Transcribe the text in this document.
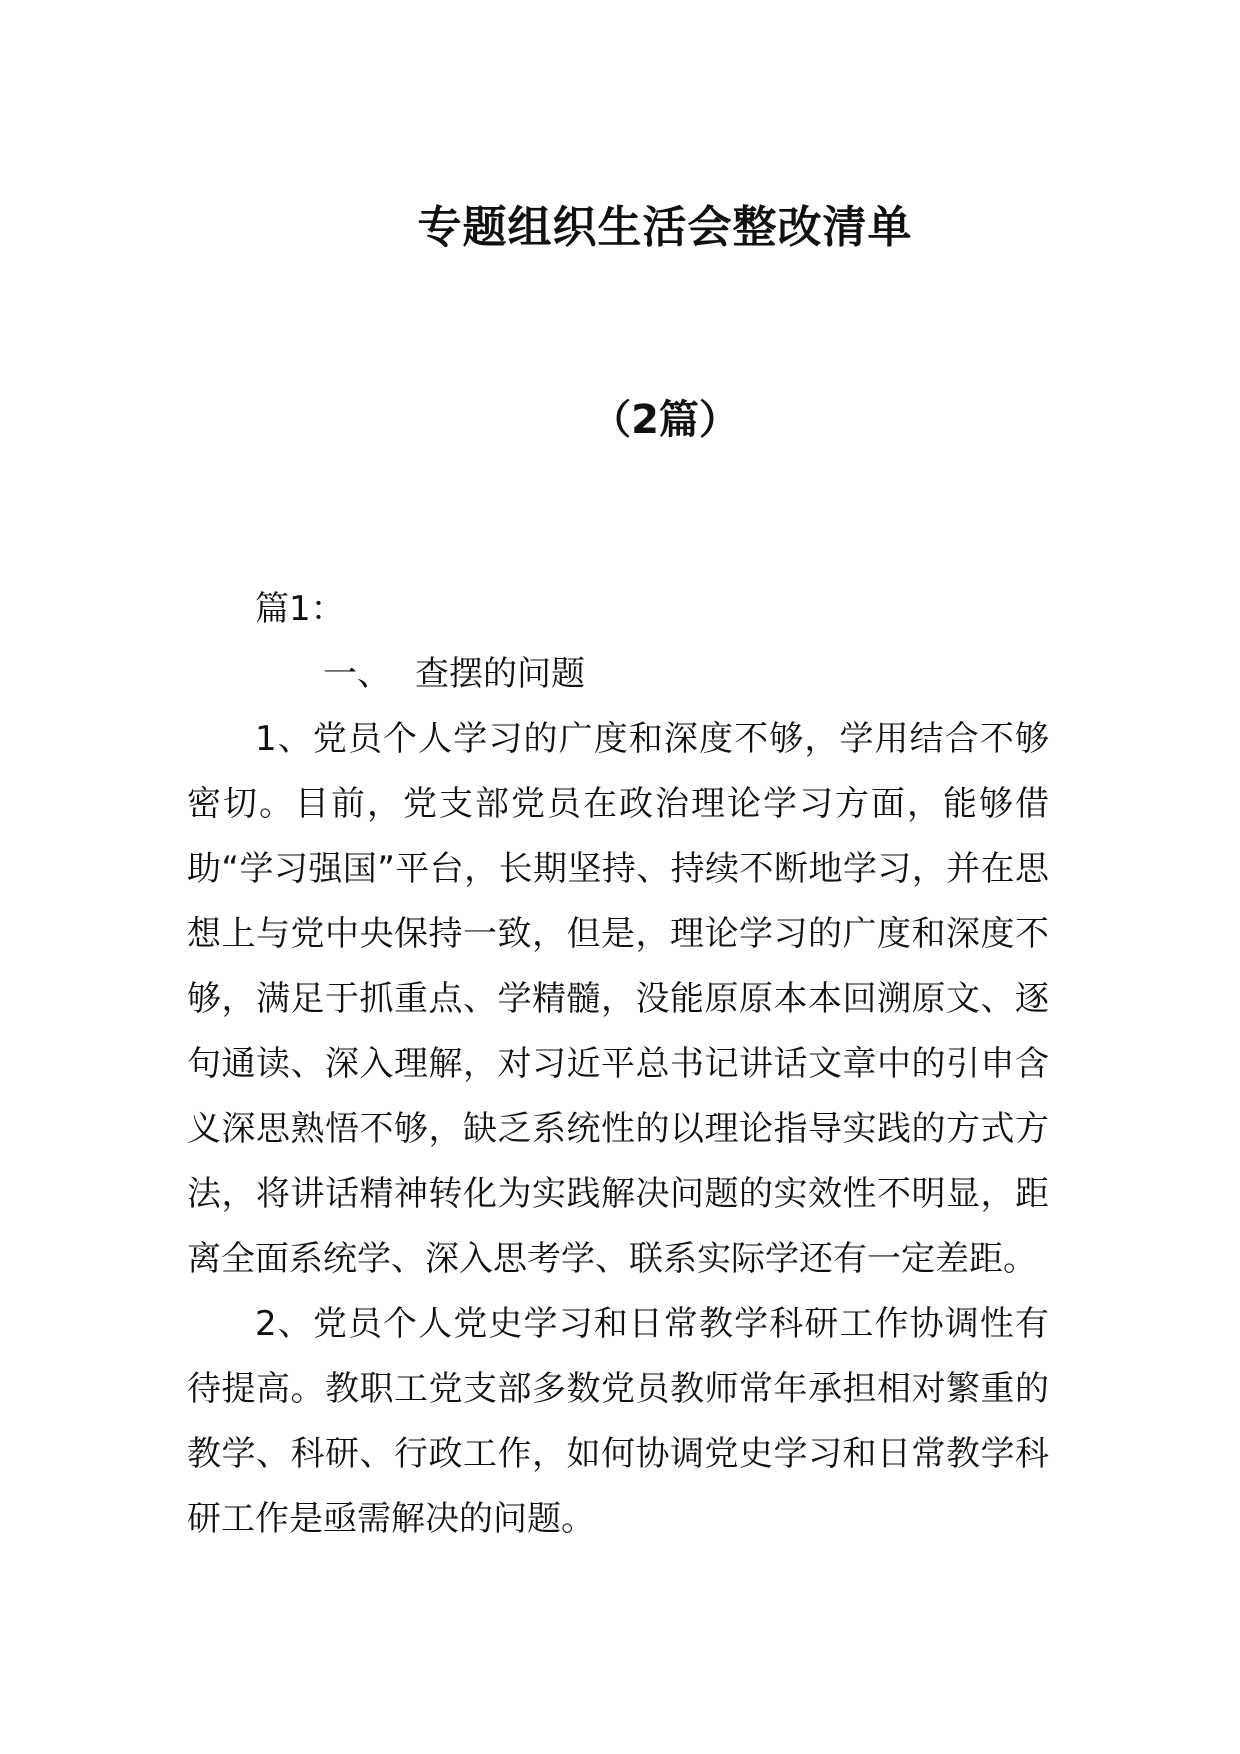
专题组织生活会整改清单
（2篇）

篇1：

一、 查摆的问题

1、党员个人学习的广度和深度不够，学用结合不够密切。目前，党支部党员在政治理论学习方面，能够借助“学习强国”平台，长期坚持、持续不断地学习，并在思想上与党中央保持一致，但是，理论学习的广度和深度不够，满足于抓重点、学精髓，没能原原本本回溯原文、逐句通读、深入理解，对习近平总书记讲话文章中的引申含义深思熟悟不够，缺乏系统性的以理论指导实践的方式方法，将讲话精神转化为实践解决问题的实效性不明显，距离全面系统学、深入思考学、联系实际学还有一定差距。

2、党员个人党史学习和日常教学科研工作协调性有待提高。教职工党支部多数党员教师常年承担相对繁重的教学、科研、行政工作，如何协调党史学习和日常教学科研工作是亟需解决的问题。
